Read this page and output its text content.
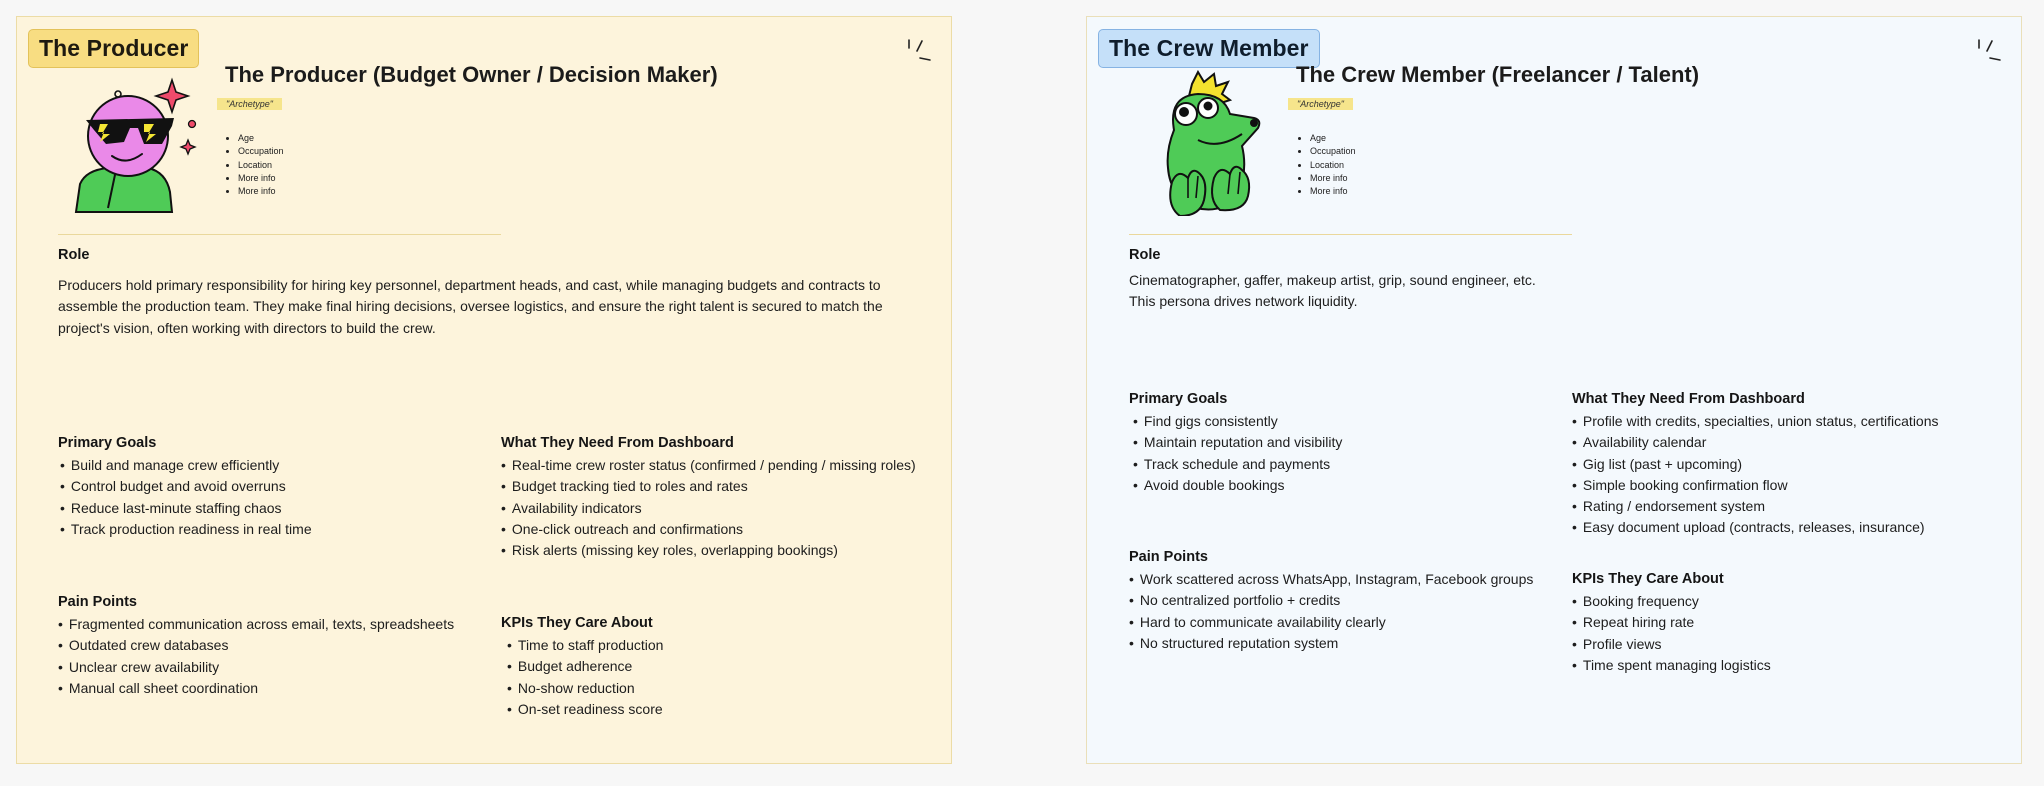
The Producer
The Producer (Budget Owner / Decision Maker)
"Archetype"
• Age
• Occupation
• Location
• More info
• More info
Role
Producers hold primary responsibility for hiring key personnel, department heads, and cast, while managing budgets and contracts to assemble the production team. They make final hiring decisions, oversee logistics, and ensure the right talent is secured to match the project's vision, often working with directors to build the crew.
Primary Goals
• Build and manage crew efficiently
• Control budget and avoid overruns
• Reduce last-minute staffing chaos
• Track production readiness in real time
Pain Points
• Fragmented communication across email, texts, spreadsheets
• Outdated crew databases
• Unclear crew availability
• Manual call sheet coordination
What They Need From Dashboard
• Real-time crew roster status (confirmed / pending / missing roles)
• Budget tracking tied to roles and rates
• Availability indicators
• One-click outreach and confirmations
• Risk alerts (missing key roles, overlapping bookings)
KPIs They Care About
• Time to staff production
• Budget adherence
• No-show reduction
• On-set readiness score
The Crew Member
The Crew Member (Freelancer / Talent)
"Archetype"
• Age
• Occupation
• Location
• More info
• More info
Role
Cinematographer, gaffer, makeup artist, grip, sound engineer, etc.
This persona drives network liquidity.
Primary Goals
• Find gigs consistently
• Maintain reputation and visibility
• Track schedule and payments
• Avoid double bookings
Pain Points
• Work scattered across WhatsApp, Instagram, Facebook groups
• No centralized portfolio + credits
• Hard to communicate availability clearly
• No structured reputation system
What They Need From Dashboard
• Profile with credits, specialties, union status, certifications
• Availability calendar
• Gig list (past + upcoming)
• Simple booking confirmation flow
• Rating / endorsement system
• Easy document upload (contracts, releases, insurance)
KPIs They Care About
• Booking frequency
• Repeat hiring rate
• Profile views
• Time spent managing logistics
